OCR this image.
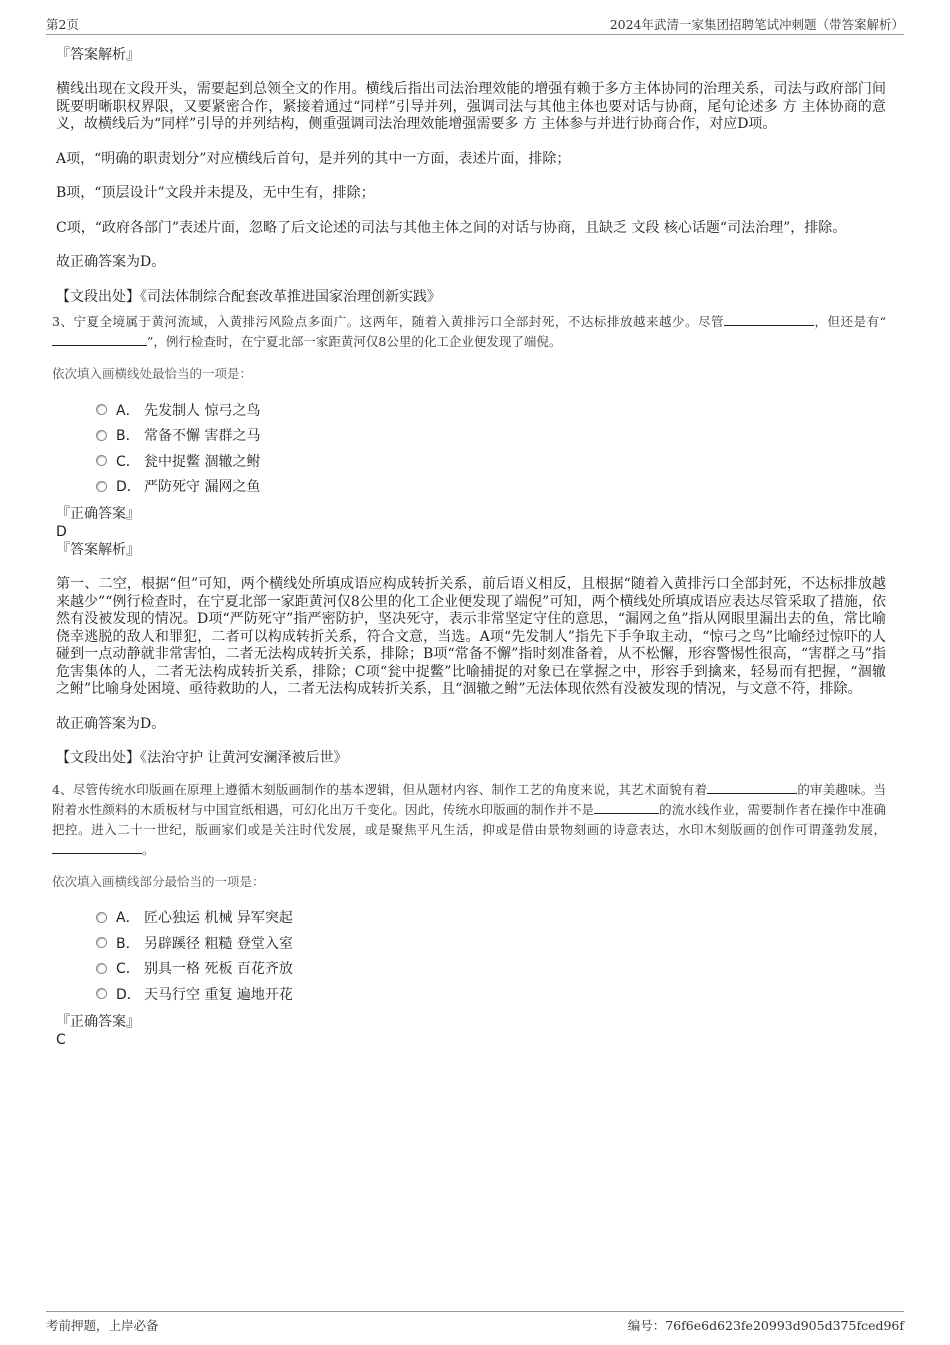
第2页	2024年武清一家集团招聘笔试冲刺题（带答案解析）

『答案解析』

横线出现在文段开头，需要起到总领全文的作用。横线后指出司法治理效能的增强有赖于多方主体协同的治理关系，司法与政府部门间既要明晰职权界限，又要紧密合作，紧接着通过“同样”引导并列，强调司法与其他主体也要对话与协商，尾句论述多 方 主体协商的意义，故横线后为“同样”引导的并列结构，侧重强调司法治理效能增强需要多 方 主体参与并进行协商合作，对应D项。

A项，“明确的职责划分”对应横线后首句，是并列的其中一方面，表述片面，排除；

B项，“顶层设计”文段并未提及，无中生有，排除；

C项，“政府各部门”表述片面，忽略了后文论述的司法与其他主体之间的对话与协商，且缺乏 文段 核心话题“司法治理”，排除。

故正确答案为D。

【文段出处】《司法体制综合配套改革推进国家治理创新实践》

3、宁夏全境属于黄河流域，入黄排污风险点多面广。这两年，随着入黄排污口全部封死，不达标排放越来越少。尽管	，但还是有“”，例行检查时，在宁夏北部一家距黄河仅8公里的化工企业便发现了端倪。

依次填入画横线处最恰当的一项是：

A． 先发制人 惊弓之鸟
B． 常备不懈 害群之马
C． 瓮中捉鳖 涸辙之鲋
D． 严防死守 漏网之鱼

『正确答案』

D

『答案解析』

第一、二空，根据“但”可知，两个横线处所填成语应构成转折关系，前后语义相反，且根据“随着入黄排污口全部封死，不达标排放越来越少”“例行检查时，在宁夏北部一家距黄河仅8公里的化工企业便发现了端倪”可知，两个横线处所填成语应表达尽管采取了措施，依然有没被发现的情况。D项“严防死守”指严密防护，坚决死守，表示非常坚定守住的意思，“漏网之鱼”指从网眼里漏出去的鱼，常比喻侥幸逃脱的敌人和罪犯，二者可以构成转折关系，符合文意，当选。A项“先发制人”指先下手争取主动，“惊弓之鸟”比喻经过惊吓的人碰到一点动静就非常害怕，二者无法构成转折关系，排除；B项“常备不懈”指时刻准备着，从不松懈，形容警惕性很高，“害群之马”指危害集体的人，二者无法构成转折关系，排除；C项“瓮中捉鳖”比喻捕捉的对象已在掌握之中，形容手到擒来，轻易而有把握，“涸辙之鲋”比喻身处困境、亟待救助的人，二者无法构成转折关系，且“涸辙之鲋”无法体现依然有没被发现的情况，与文意不符，排除。

故正确答案为D。

【文段出处】《法治守护 让黄河安澜泽被后世》

4、尽管传统水印版画在原理上遵循木刻版画制作的基本逻辑，但从题材内容、制作工艺的角度来说，其艺术面貌有着	的审美趣味。当附着水性颜料的木质板材与中国宣纸相遇，可幻化出万千变化。因此，传统水印版画的制作并不是	的流水线作业，需要制作者在操作中准确把控。进入二十一世纪，版画家们或是关注时代发展，或是聚焦平凡生活，抑或是借由景物刻画的诗意表达，水印木刻版画的创作可谓蓬勃发展，。

依次填入画横线部分最恰当的一项是：

A． 匠心独运 机械 异军突起
B． 另辟蹊径 粗糙 登堂入室
C． 别具一格 死板 百花齐放
D． 天马行空 重复 遍地开花

『正确答案』

C

考前押题，上岸必备	编号：76f6e6d623fe20993d905d375fced96f
